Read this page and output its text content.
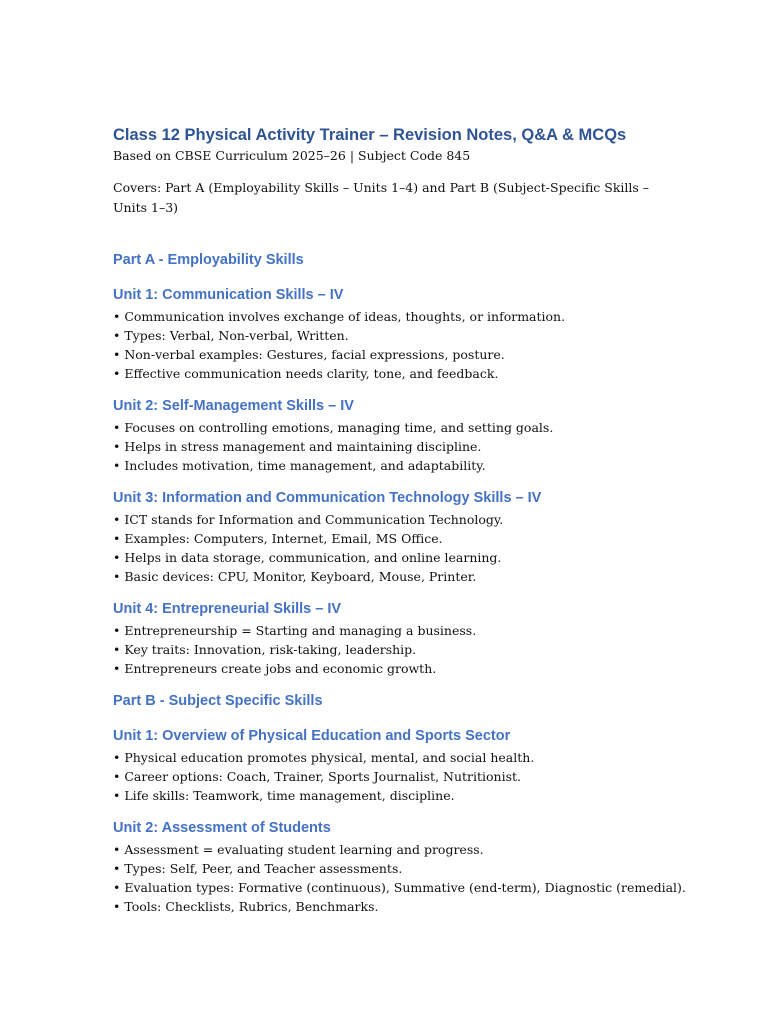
Class 12 Physical Activity Trainer – Revision Notes, Q&A & MCQs

Based on CBSE Curriculum 2025–26 | Subject Code 845

Covers: Part A (Employability Skills – Units 1–4) and Part B (Subject-Specific Skills – Units 1–3)

Part A - Employability Skills
Unit 1: Communication Skills – IV
• Communication involves exchange of ideas, thoughts, or information.
• Types: Verbal, Non-verbal, Written.
• Non-verbal examples: Gestures, facial expressions, posture.
• Effective communication needs clarity, tone, and feedback.
Unit 2: Self-Management Skills – IV
• Focuses on controlling emotions, managing time, and setting goals.
• Helps in stress management and maintaining discipline.
• Includes motivation, time management, and adaptability.
Unit 3: Information and Communication Technology Skills – IV
• ICT stands for Information and Communication Technology.
• Examples: Computers, Internet, Email, MS Office.
• Helps in data storage, communication, and online learning.
• Basic devices: CPU, Monitor, Keyboard, Mouse, Printer.
Unit 4: Entrepreneurial Skills – IV
• Entrepreneurship = Starting and managing a business.
• Key traits: Innovation, risk-taking, leadership.
• Entrepreneurs create jobs and economic growth.
Part B - Subject Specific Skills
Unit 1: Overview of Physical Education and Sports Sector
• Physical education promotes physical, mental, and social health.
• Career options: Coach, Trainer, Sports Journalist, Nutritionist.
• Life skills: Teamwork, time management, discipline.
Unit 2: Assessment of Students
• Assessment = evaluating student learning and progress.
• Types: Self, Peer, and Teacher assessments.
• Evaluation types: Formative (continuous), Summative (end-term), Diagnostic (remedial).
• Tools: Checklists, Rubrics, Benchmarks.
